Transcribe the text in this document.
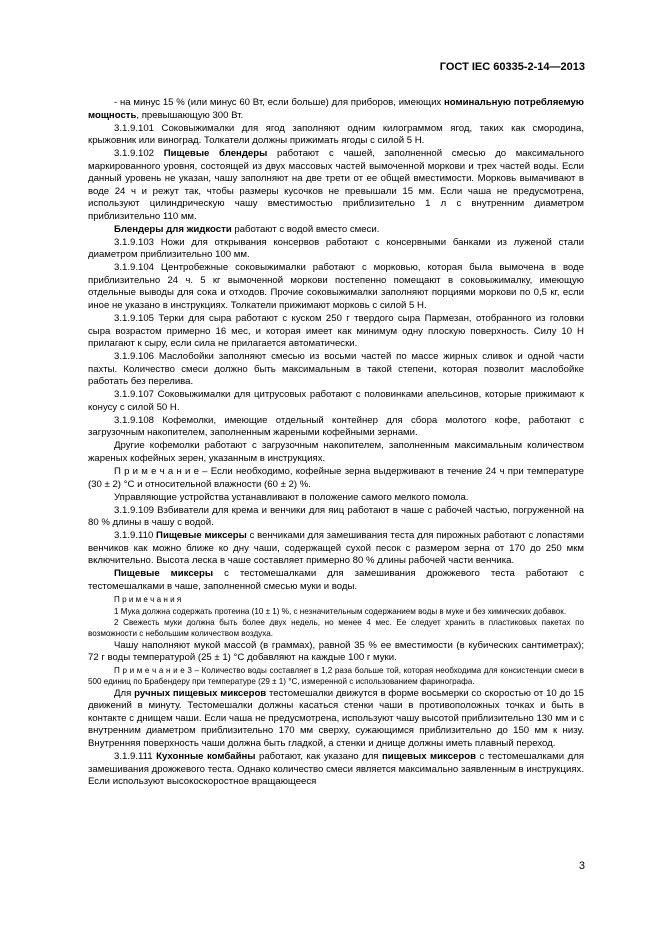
ГОСТ IEC 60335-2-14—2013

- на минус 15 % (или минус 60 Вт, если больше) для приборов, имеющих номинальную потребляемую мощность, превышающую 300 Вт.

3.1.9.101 Соковыжималки для ягод заполняют одним килограммом ягод, таких как смородина, крыжовник или виноград. Толкатели должны прижимать ягоды с силой 5 Н.

3.1.9.102 Пищевые блендеры работают с чашей, заполненной смесью до максимального маркированного уровня, состоящей из двух массовых частей вымоченной моркови и трех частей воды. Если данный уровень не указан, чашу заполняют на две трети от ее общей вместимости. Морковь вымачивают в воде 24 ч и режут так, чтобы размеры кусочков не превышали 15 мм. Если чаша не предусмотрена, используют цилиндрическую чашу вместимостью приблизительно 1 л с внутренним диаметром приблизительно 110 мм.

Блендеры для жидкости работают с водой вместо смеси.

3.1.9.103 Ножи для открывания консервов работают с консервными банками из луженой стали диаметром приблизительно 100 мм.

3.1.9.104 Центробежные соковыжималки работают с морковью, которая была вымочена в воде приблизительно 24 ч. 5 кг вымоченной моркови постепенно помещают в соковыжималку, имеющую отдельные выводы для сока и отходов. Прочие соковыжималки заполняют порциями моркови по 0,5 кг, если иное не указано в инструкциях. Толкатели прижимают морковь с силой 5 Н.

3.1.9.105 Терки для сыра работают с куском 250 г твердого сыра Пармезан, отобранного из головки сыра возрастом примерно 16 мес, и которая имеет как минимум одну плоскую поверхность. Силу 10 Н прилагают к сыру, если сила не прилагается автоматически.

3.1.9.106 Маслобойки заполняют смесью из восьми частей по массе жирных сливок и одной части пахты. Количество смеси должно быть максимальным в такой степени, которая позволит маслобойке работать без перелива.

3.1.9.107 Соковыжималки для цитрусовых работают с половинками апельсинов, которые прижимают к конусу с силой 50 Н.

3.1.9.108 Кофемолки, имеющие отдельный контейнер для сбора молотого кофе, работают с загрузочным накопителем, заполненным жареными кофейными зернами.

Другие кофемолки работают с загрузочным накопителем, заполненным максимальным количеством жареных кофейных зерен, указанным в инструкциях.

П р и м е ч а н и е – Если необходимо, кофейные зерна выдерживают в течение 24 ч при температуре (30 ± 2) °С и относительной влажности (60 ± 2) %.

Управляющие устройства устанавливают в положение самого мелкого помола.

3.1.9.109 Взбиватели для крема и венчики для яиц работают в чаше с рабочей частью, погруженной на 80 % длины в чашу с водой.

3.1.9.110 Пищевые миксеры с венчиками для замешивания теста для пирожных работают с лопастями венчиков как можно ближе ко дну чаши, содержащей сухой песок с размером зерна от 170 до 250 мкм включительно. Высота леска в чаше составляет примерно 80 % длины рабочей части венчика.

Пищевые миксеры с тестомешалками для замешивания дрожжевого теста работают с тестомешалками в чаше, заполненной смесью муки и воды.

П р и м е ч а н и я

1 Мука должна содержать протеина (10 ± 1) %, с незначительным содержанием воды в муке и без химических добавок.

2 Свежесть муки должна быть более двух недель, но менее 4 мес. Ее следует хранить в пластиковых пакетах по возможности с небольшим количеством воздуха.

Чашу наполняют мукой массой (в граммах), равной 35 % ее вместимости (в кубических сантиметрах); 72 г воды температурой (25 ± 1) °С добавляют на каждые 100 г муки.

П р и м е ч а н и е 3 – Количество воды составляет в 1,2 раза больше той, которая необходима для консистенции смеси в 500 единиц по Брабендеру при температуре (29 ± 1) °С, измеренной с использованием фаринографа.

Для ручных пищевых миксеров тестомешалки движутся в форме восьмерки со скоростью от 10 до 15 движений в минуту. Тестомешалки должны касаться стенки чаши в противоположных точках и быть в контакте с днищем чаши. Если чаша не предусмотрена, используют чашу высотой приблизительно 130 мм и с внутренним диаметром приблизительно 170 мм сверху, сужающимся приблизительно до 150 мм к низу. Внутренняя поверхность чаши должна быть гладкой, а стенки и днище должны иметь плавный переход.

3.1.9.111 Кухонные комбайны работают, как указано для пищевых миксеров с тестомешалками для замешивания дрожжевого теста. Однако количество смеси является максимально заявленным в инструкциях. Если используют высокоскоростное вращающееся

3
